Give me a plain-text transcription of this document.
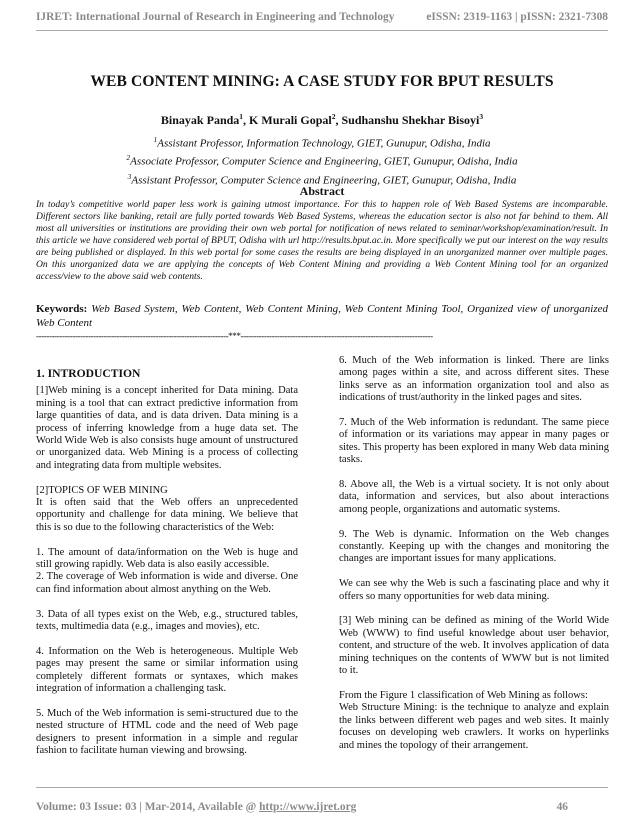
IJRET: International Journal of Research in Engineering and Technology	eISSN: 2319-1163 | pISSN: 2321-7308
WEB CONTENT MINING: A CASE STUDY FOR BPUT RESULTS
Binayak Panda$^1$, K Murali Gopal$^2$, Sudhanshu Shekhar Bisoyi$^3$
$^1$Assistant Professor, Information Technology, GIET, Gunupur, Odisha, India
$^2$Associate Professor, Computer Science and Engineering, GIET, Gunupur, Odisha, India
$^3$Assistant Professor, Computer Science and Engineering, GIET, Gunupur, Odisha, India
Abstract

In today’s competitive world paper less work is gaining utmost importance. For this to happen role of Web Based Systems are incomparable. Different sectors like banking, retail are fully ported towards Web Based Systems, whereas the education sector is also not far behind to them. All most all universities or institutions are providing their own web portal for notification of news related to seminar/workshop/examination/result. In this article we have considered web portal of BPUT, Odisha with url http://results.bput.ac.in. More specifically we put our interest on the way results are being published or displayed. In this web portal for some cases the results are being displayed in an unorganized manner over multiple pages. On this unorganized data we are applying the concepts of Web Content Mining and providing a Web Content Mining tool for an organized access/view to the above said web contents.

Keywords: Web Based System, Web Content, Web Content Mining, Web Content Mining Tool, Organized view of unorganized Web Content

--------------------------------------------------------------------------***--------------------------------------------------------------------------
1. INTRODUCTION

[1]Web mining is a concept inherited for Data mining. Data mining is a tool that can extract predictive information from large quantities of data, and is data driven. Data mining is a process of inferring knowledge from a huge data set. The World Wide Web is also consists huge amount of unstructured or unorganized data. Web Mining is a process of collecting and integrating data from multiple websites.

[2]TOPICS OF WEB MINING

It is often said that the Web offers an unprecedented opportunity and challenge for data mining. We believe that this is so due to the following characteristics of the Web:

1. The amount of data/information on the Web is huge and still growing rapidly. Web data is also easily accessible.
2. The coverage of Web information is wide and diverse. One can find information about almost anything on the Web.

3. Data of all types exist on the Web, e.g., structured tables, texts, multimedia data (e.g., images and movies), etc.

4. Information on the Web is heterogeneous. Multiple Web pages may present the same or similar information using completely different formats or syntaxes, which makes integration of information a challenging task.

5. Much of the Web information is semi-structured due to the nested structure of HTML code and the need of Web page designers to present information in a simple and regular fashion to facilitate human viewing and browsing.

6. Much of the Web information is linked. There are links among pages within a site, and across different sites. These links serve as an information organization tool and also as indications of trust/authority in the linked pages and sites.

7. Much of the Web information is redundant. The same piece of information or its variations may appear in many pages or sites. This property has been explored in many Web data mining tasks.

8. Above all, the Web is a virtual society. It is not only about data, information and services, but also about interactions among people, organizations and automatic systems.

9. The Web is dynamic. Information on the Web changes constantly. Keeping up with the changes and monitoring the changes are important issues for many applications.

We can see why the Web is such a fascinating place and why it offers so many opportunities for web data mining.

[3] Web mining can be defined as mining of the World Wide Web (WWW) to find useful knowledge about user behavior, content, and structure of the web. It involves application of data mining techniques on the contents of WWW but is not limited to it.

From the Figure 1 classification of Web Mining as follows:

Web Structure Mining: is the technique to analyze and explain the links between different web pages and web sites. It mainly focuses on developing web crawlers. It works on hyperlinks and mines the topology of their arrangement.

Volume: 03 Issue: 03 | Mar-2014, Available @ http://www.ijret.org	46
